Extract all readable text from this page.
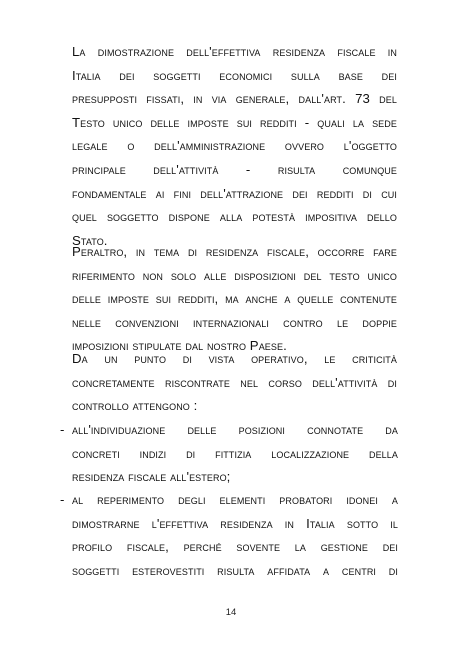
La dimostrazione dell'effettiva residenza fiscale in
Italia dei soggetti economici sulla base dei
presupposti fissati, in via generale, dall'art. 73 del
Testo unico delle imposte sui redditi - quali la sede
legale o dell'amministrazione ovvero l'oggetto
principale dell'attività - risulta comunque
fondamentale ai fini dell'attrazione dei redditi di cui
quel soggetto dispone alla potestà impositiva dello
Stato.
Peraltro, in tema di residenza fiscale, occorre fare
riferimento non solo alle disposizioni del testo unico
delle imposte sui redditi, ma anche a quelle contenute
nelle convenzioni internazionali contro le doppie
imposizioni stipulate dal nostro Paese.
Da un punto di vista operativo, le criticità
concretamente riscontrate nel corso dell'attività di
controllo attengono :
- all'individuazione delle posizioni connotate da
concreti indizi di fittizia localizzazione della
residenza fiscale all'estero;
- al reperimento degli elementi probatori idonei a
dimostrarne l'effettiva residenza in Italia sotto il
profilo fiscale, perché sovente la gestione dei
soggetti esterovestiti risulta affidata a centri di
14
